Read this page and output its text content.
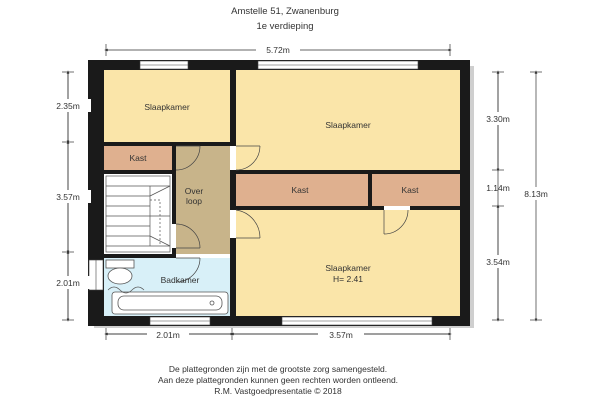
Amstelle 51, Zwanenburg
1e verdieping
Slaapkamer
Slaapkamer
Slaapkamer
H= 2.41
Kast
Kast	Kast
Over
loop
Badkamer
5.72m
2.35m
3.57m
2.01m
3.30m
1.14m
3.54m
8.13m
2.01m	3.57m
De plattegronden zijn met de grootste zorg samengesteld.
Aan deze plattegronden kunnen geen rechten worden ontleend.
R.M. Vastgoedpresentatie © 2018
